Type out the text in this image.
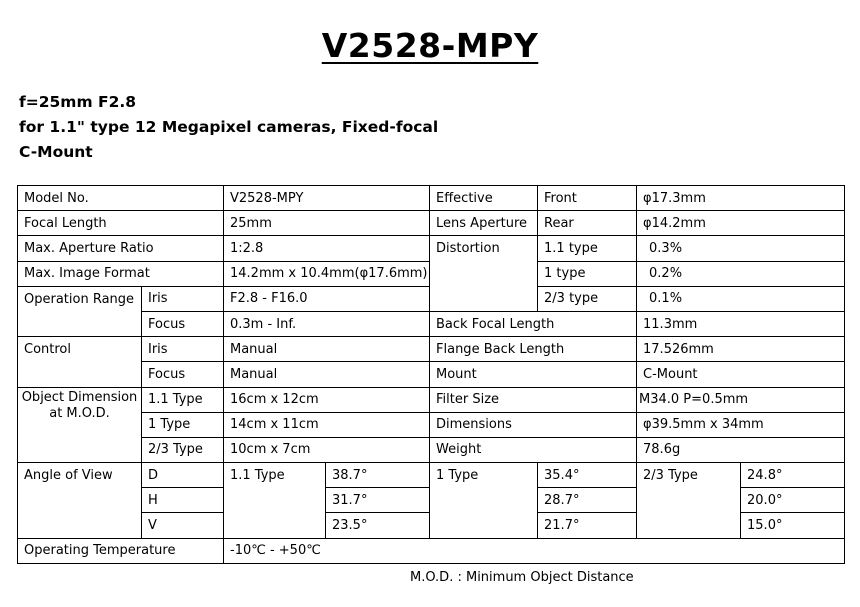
V2528-MPY
f=25mm F2.8
for 1.1" type 12 Megapixel cameras, Fixed-focal
C-Mount
Model No.		V2528-MPY		Effective	Front	φ17.3mm	
Focal Length		25mm		Lens Aperture	Rear	φ14.2mm	
Max. Aperture Ratio		1:2.8		Distortion	1.1 type	0.3%	
Max. Image Format		14.2mm x 10.4mm(φ17.6mm)			1 type	0.2%	
Operation Range	Iris	F2.8 - F16.0			2/3 type	0.1%	
	Focus	0.3m - Inf.		Back Focal Length		11.3mm	
Control	Iris	Manual		Flange Back Length		17.526mm	
	Focus	Manual		Mount		C-Mount	
Object Dimension at M.O.D.	1.1 Type	16cm x 12cm		Filter Size		M34.0 P=0.5mm	
	1 Type	14cm x 11cm		Dimensions		φ39.5mm x 34mm	
	2/3 Type	10cm x 7cm		Weight		78.6g	
Angle of View	D	1.1 Type	38.7°	1 Type	35.4°	2/3 Type	24.8°
	H		31.7°		28.7°		20.0°
	V		23.5°		21.7°		15.0°
Operating Temperature		-10℃ - +50℃					
M.O.D. : Minimum Object Distance
